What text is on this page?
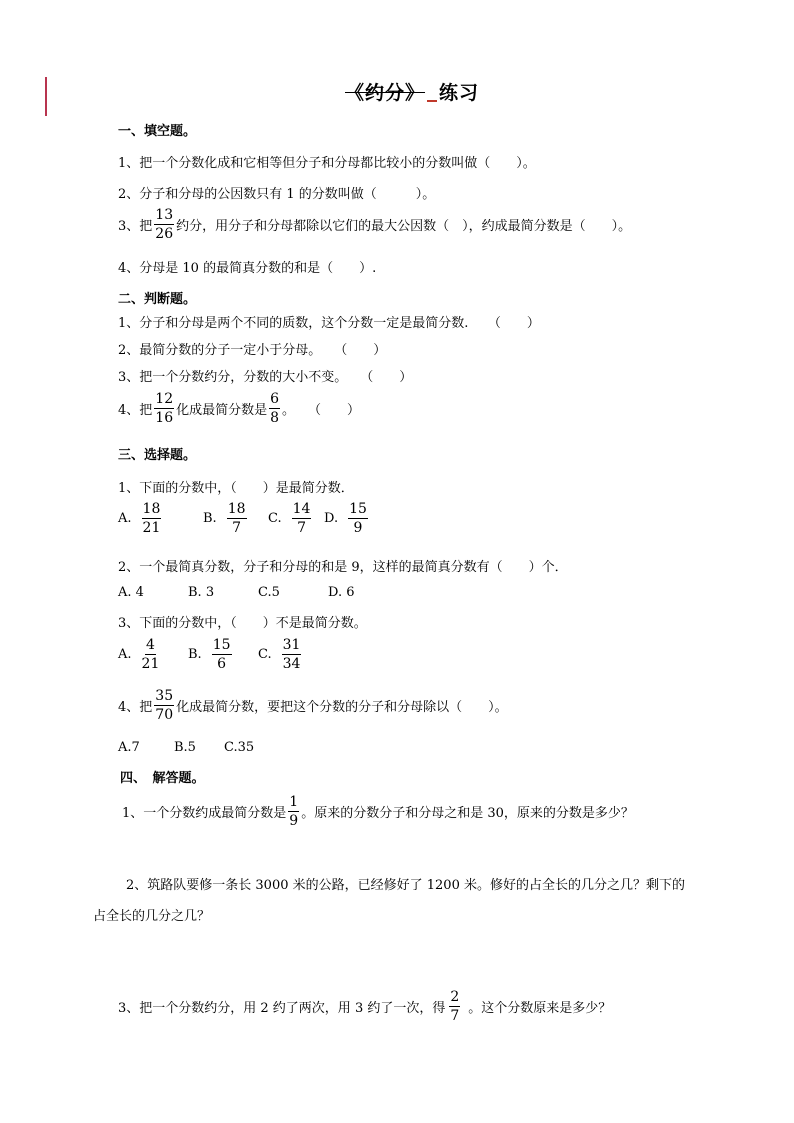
《约分》 练习
一、填空题。
1、把一个分数化成和它相等但分子和分母都比较小的分数叫做（　　）。
2、分子和分母的公因数只有 1 的分数叫做（　　　）。
3、把 $\frac{13}{26}$ 约分，用分子和分母都除以它们的最大公因数（　），约成最简分数是（　　）。
4、分母是 10 的最简真分数的和是（　　）.
二、判断题。
1、分子和分母是两个不同的质数，这个分数一定是最简分数.　　（　　）
2、最简分数的分子一定小于分母。　　（　　）
3、把一个分数约分，分数的大小不变。　　（　　）
4、把 $\frac{12}{16}$ 化成最简分数是 $\frac{6}{8}$ 。　　（　　）
三、选择题。
1、下面的分数中，（　　）是最简分数．
A. $\frac{18}{21}$	B. $\frac{18}{7} C$. $\frac{14}{7} D$. $\frac{15}{9}$
2、一个最简真分数，分子和分母的和是 9，这样的最简真分数有（　　）个．
A. 4	B. 3	C.5	D. 6
3、下面的分数中，（　　）不是最简分数。
A. $\frac{4}{21} B$. $\frac{15}{6} C$. $\frac{31}{34}$
4、把 $\frac{35}{70}$ 化成最简分数，要把这个分数的分子和分母除以（　　）。
A.7	B.5 C.35
四、　解答题。
1、一个分数约成最简分数是 $\frac{1}{9}$ 。原来的分数分子和分母之和是 30，原来的分数是多少？
2、筑路队要修一条长 3000 米的公路，已经修好了 1200 米。修好的占全长的几分之几？剩下的
占全长的几分之几？
3、把一个分数约分，用 2 约了两次，用 3 约了一次，得 $\frac{2}{7}$ 。这个分数原来是多少？
